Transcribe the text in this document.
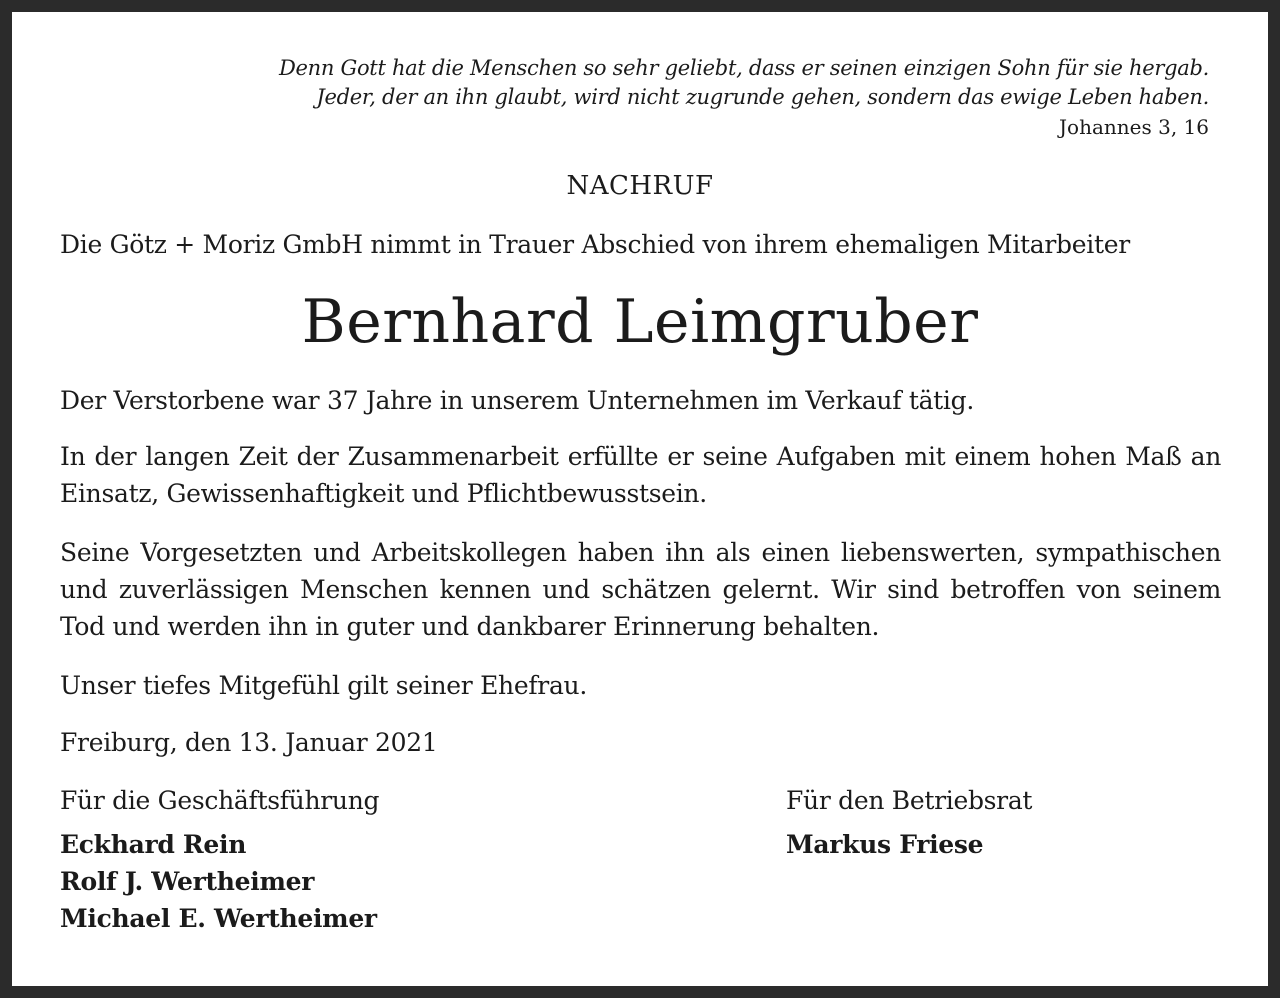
Denn Gott hat die Menschen so sehr geliebt, dass er seinen einzigen Sohn für sie hergab.
Jeder, der an ihn glaubt, wird nicht zugrunde gehen, sondern das ewige Leben haben.
Johannes 3, 16
NACHRUF
Die Götz + Moriz GmbH nimmt in Trauer Abschied von ihrem ehemaligen Mitarbeiter
Bernhard Leimgruber
Der Verstorbene war 37 Jahre in unserem Unternehmen im Verkauf tätig.
In der langen Zeit der Zusammenarbeit erfüllte er seine Aufgaben mit einem hohen Maß an Einsatz, Gewissenhaftigkeit und Pflichtbewusstsein.
Seine Vorgesetzten und Arbeitskollegen haben ihn als einen liebenswerten, sympathischen und zuverlässigen Menschen kennen und schätzen gelernt. Wir sind betroffen von seinem Tod und werden ihn in guter und dankbarer Erinnerung behalten.
Unser tiefes Mitgefühl gilt seiner Ehefrau.
Freiburg, den 13. Januar 2021
Für die Geschäftsführung
Eckhard Rein
Rolf J. Wertheimer
Michael E. Wertheimer
Für den Betriebsrat
Markus Friese
